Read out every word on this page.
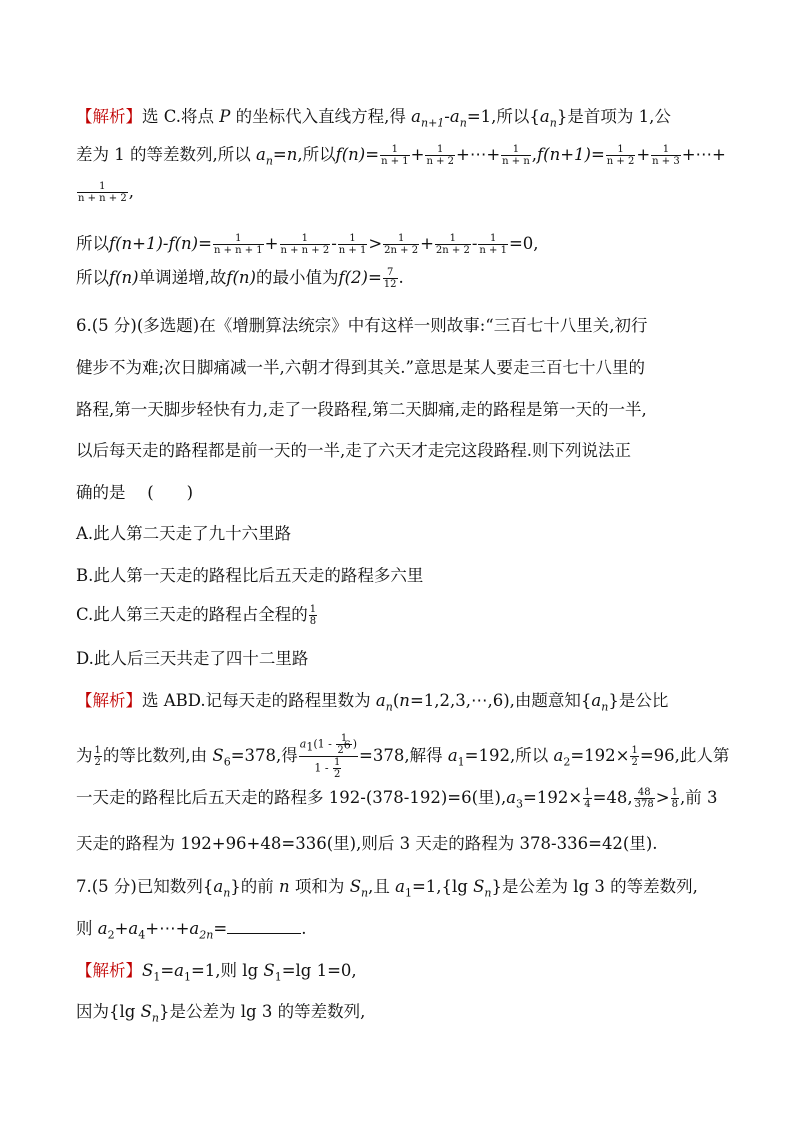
【解析】选 C.将点 P 的坐标代入直线方程,得 $a_{n+1}-a_n=1$,所以$\{a_n\}$是首项为 1,公
差为 1 的等差数列,所以 $a_n=n$,所以$f(n)= \frac{1}{n + 1} + \frac{1}{n + 2}$ +⋯+ $\frac{1}{n + n} ,f(n+1)= \frac{1}{n + 2} + \frac{1}{n + 3}$ +⋯+
$\frac{1}{n + n + 2}$ ,
所以$f(n+1)-f(n)= \frac{1}{n + n + 1} + \frac{1}{n + n + 2} - \frac{1}{n + 1} > \frac{1}{2n + 2} + \frac{1}{2n + 2} - \frac{1}{n + 1} =0$,
所以f(n)单调递增,故f(n)的最小值为$f(2)= \frac{7}{12}$ .
6.(5 分)(多选题)在《增删算法统宗》中有这样一则故事:“三百七十八里关,初行
健步不为难;次日脚痛减一半,六朝才得到其关.”意思是某人要走三百七十八里的
路程,第一天脚步轻快有力,走了一段路程,第二天脚痛,走的路程是第一天的一半,
以后每天走的路程都是前一天的一半,走了六天才走完这段路程.则下列说法正
确的是　 (　　)
A.此人第二天走了九十六里路
B.此人第一天走的路程比后五天走的路程多六里
C.此人第三天走的路程占全程的 $\frac{1}{8}$
D.此人后三天共走了四十二里路
【解析】选 ABD.记每天走的路程里数为 $a_n(n=1,2,3,\cdots,6)$,由题意知$\{a_n\}$是公比
为 $\frac{1}{2}$ 的等比数列,由 $S_6=378$,得 $\frac{a_1(1 - \frac{1}{2^6} )}{1 - \frac{1}{2}} =378$,解得 $a_1=192$,所以 $a_2=192\times \frac{1}{2} =96$,此人第
一天走的路程比后五天走的路程多 192-(378-192)=6(里)$,a_3=192\times \frac{1}{4} =48$, $\frac{48}{378} > \frac{1}{8}$ ,前 3
天走的路程为 192+96+48=336(里),则后 3 天走的路程为 378-336=42(里).
7.(5 分)已知数列$\{a_n\}$的前 n 项和为 $S_n$,且 $a_1=1,\{\lg$ $S_n$}是公差为 lg 3 的等差数列,
则 $a_2+a_4+\cdots+a_{2n}=$	.
【解析】$S_1=a_1=1$,则 $\lg S_1=\lg$ 1=0,
因为{lg $S_n$}是公差为 lg 3 的等差数列,
